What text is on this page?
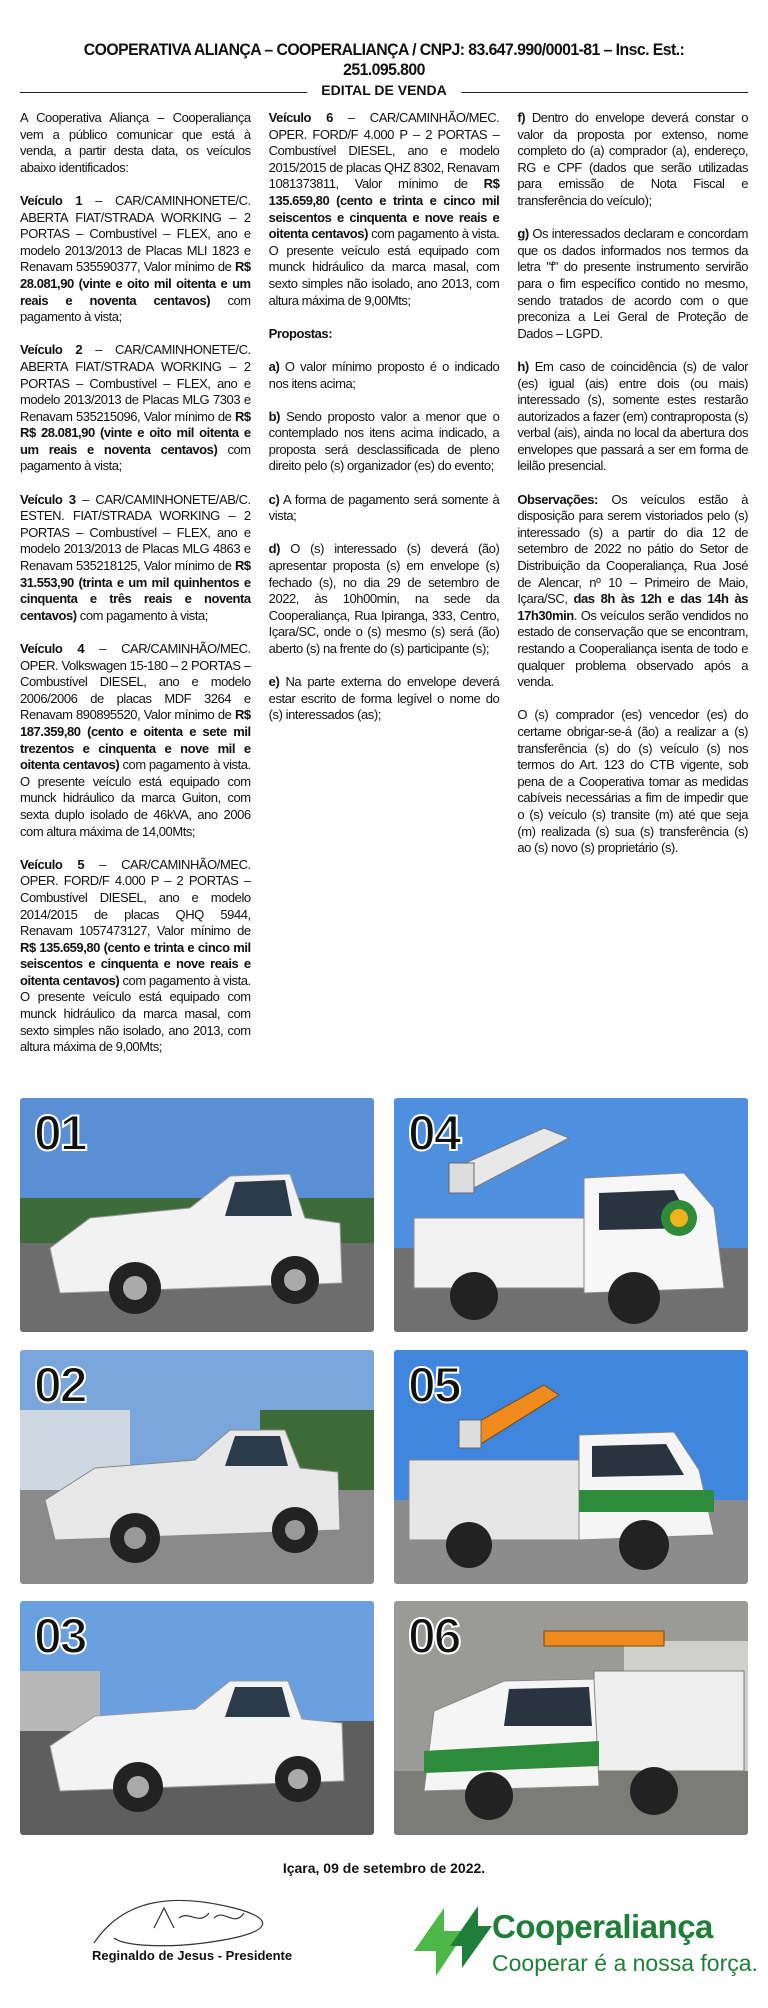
COOPERATIVA ALIANÇA – COOPERALIANÇA / CNPJ: 83.647.990/0001-81 – Insc. Est.: 251.095.800
EDITAL DE VENDA

A Cooperativa Aliança – Cooperaliança vem a público comunicar que está à venda, a partir desta data, os veículos abaixo identificados:

Veículo 1 – CAR/CAMINHONETE/C. ABERTA FIAT/STRADA WORKING – 2 PORTAS – Combustível – FLEX, ano e modelo 2013/2013 de Placas MLI 1823 e Renavam 535590377, Valor mínimo de R$ 28.081,90 (vinte e oito mil oitenta e um reais e noventa centavos) com pagamento à vista;

Veículo 2 – CAR/CAMINHONETE/C. ABERTA FIAT/STRADA WORKING – 2 PORTAS – Combustível – FLEX, ano e modelo 2013/2013 de Placas MLG 7303 e Renavam 535215096, Valor mínimo de R$ R$ 28.081,90 (vinte e oito mil oitenta e um reais e noventa centavos) com pagamento à vista;

Veículo 3 – CAR/CAMINHONETE/AB/C. ESTEN. FIAT/STRADA WORKING – 2 PORTAS – Combustível – FLEX, ano e modelo 2013/2013 de Placas MLG 4863 e Renavam 535218125, Valor mínimo de R$ 31.553,90 (trinta e um mil quinhentos e cinquenta e três reais e noventa centavos) com pagamento à vista;

Veículo 4 – CAR/CAMINHÃO/MEC. OPER. Volkswagen 15-180 – 2 PORTAS – Combustível DIESEL, ano e modelo 2006/2006 de placas MDF 3264 e Renavam 890895520, Valor mínimo de R$ 187.359,80 (cento e oitenta e sete mil trezentos e cinquenta e nove mil e oitenta centavos) com pagamento à vista. O presente veículo está equipado com munck hidráulico da marca Guiton, com sexta duplo isolado de 46kVA, ano 2006 com altura máxima de 14,00Mts;

Veículo 5 – CAR/CAMINHÃO/MEC. OPER. FORD/F 4.000 P – 2 PORTAS – Combustível DIESEL, ano e modelo 2014/2015 de placas QHQ 5944, Renavam 1057473127, Valor mínimo de R$ 135.659,80 (cento e trinta e cinco mil seiscentos e cinquenta e nove reais e oitenta centavos) com pagamento à vista. O presente veículo está equipado com munck hidráulico da marca masal, com sexto simples não isolado, ano 2013, com altura máxima de 9,00Mts;

Veículo 6 – CAR/CAMINHÃO/MEC. OPER. FORD/F 4.000 P – 2 PORTAS – Combustível DIESEL, ano e modelo 2015/2015 de placas QHZ 8302, Renavam 1081373811, Valor mínimo de R$ 135.659,80 (cento e trinta e cinco mil seiscentos e cinquenta e nove reais e oitenta centavos) com pagamento à vista. O presente veículo está equipado com munck hidráulico da marca masal, com sexto simples não isolado, ano 2013, com altura máxima de 9,00Mts;

Propostas:

a) O valor mínimo proposto é o indicado nos itens acima;

b) Sendo proposto valor a menor que o contemplado nos itens acima indicado, a proposta será desclassificada de pleno direito pelo (s) organizador (es) do evento;

c) A forma de pagamento será somente à vista;

d) O (s) interessado (s) deverá (ão) apresentar proposta (s) em envelope (s) fechado (s), no dia 29 de setembro de 2022, às 10h00min, na sede da Cooperaliança, Rua Ipiranga, 333, Centro, Içara/SC, onde o (s) mesmo (s) será (ão) aberto (s) na frente do (s) participante (s);

e) Na parte externa do envelope deverá estar escrito de forma legível o nome do (s) interessados (as);

f) Dentro do envelope deverá constar o valor da proposta por extenso, nome completo do (a) comprador (a), endereço, RG e CPF (dados que serão utilizadas para emissão de Nota Fiscal e transferência do veículo);

g) Os interessados declaram e concordam que os dados informados nos termos da letra "f" do presente instrumento servirão para o fim específico contido no mesmo, sendo tratados de acordo com o que preconiza a Lei Geral de Proteção de Dados – LGPD.

h) Em caso de coincidência (s) de valor (es) igual (ais) entre dois (ou mais) interessado (s), somente estes restarão autorizados a fazer (em) contraproposta (s) verbal (ais), ainda no local da abertura dos envelopes que passará a ser em forma de leilão presencial.

Observações: Os veículos estão à disposição para serem vistoriados pelo (s) interessado (s) a partir do dia 12 de setembro de 2022 no pátio do Setor de Distribuição da Cooperaliança, Rua José de Alencar, nº 10 – Primeiro de Maio, Içara/SC, das 8h às 12h e das 14h às 17h30min. Os veículos serão vendidos no estado de conservação que se encontram, restando a Cooperaliança isenta de todo e qualquer problema observado após a venda.

O (s) comprador (es) vencedor (es) do certame obrigar-se-á (ão) a realizar a (s) transferência (s) do (s) veículo (s) nos termos do Art. 123 do CTB vigente, sob pena de a Cooperativa tomar as medidas cabíveis necessárias a fim de impedir que o (s) veículo (s) transite (m) até que seja (m) realizada (s) sua (s) transferência (s) ao (s) novo (s) proprietário (s).

01	04
02	05
03	06
Içara, 09 de setembro de 2022.
Reginaldo de Jesus - Presidente
Cooperaliança
Cooperar é a nossa força.
